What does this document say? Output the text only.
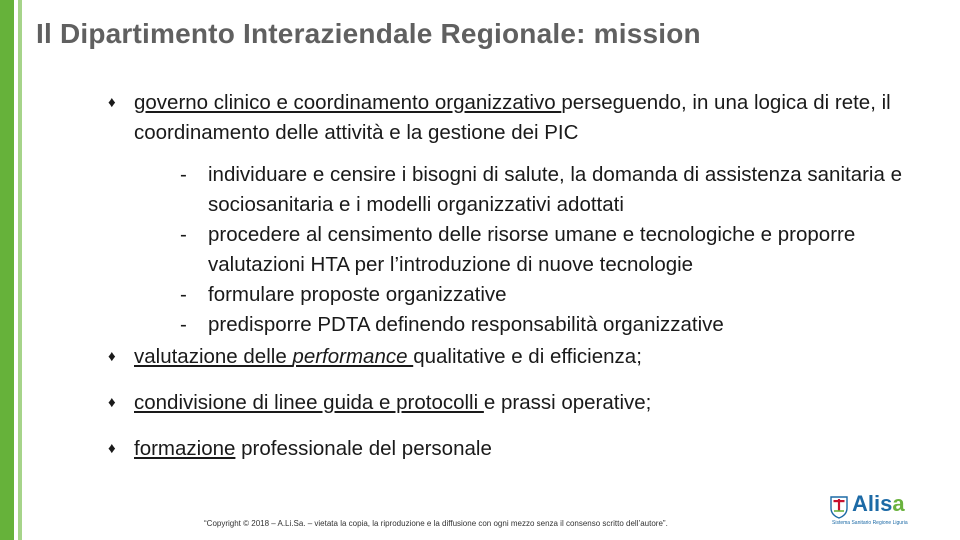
Il Dipartimento Interaziendale Regionale: mission
♦ governo clinico e coordinamento organizzativo perseguendo, in una logica di rete, il coordinamento delle attività e la gestione dei PIC
- individuare e censire i bisogni di salute, la domanda di assistenza sanitaria e sociosanitaria e i modelli organizzativi adottati
- procedere al censimento delle risorse umane e tecnologiche e proporre valutazioni HTA per l’introduzione di nuove tecnologie
- formulare proposte organizzative
- predisporre PDTA definendo responsabilità organizzative
♦ valutazione delle performance qualitative e di efficienza;
♦ condivisione di linee guida e protocolli e prassi operative;
♦ formazione professionale del personale
“Copyright © 2018 – A.Li.Sa. – vietata la copia, la riproduzione e la diffusione con ogni mezzo senza il consenso scritto dell’autore”.
Alisa
Sistema Sanitario Regione Liguria
